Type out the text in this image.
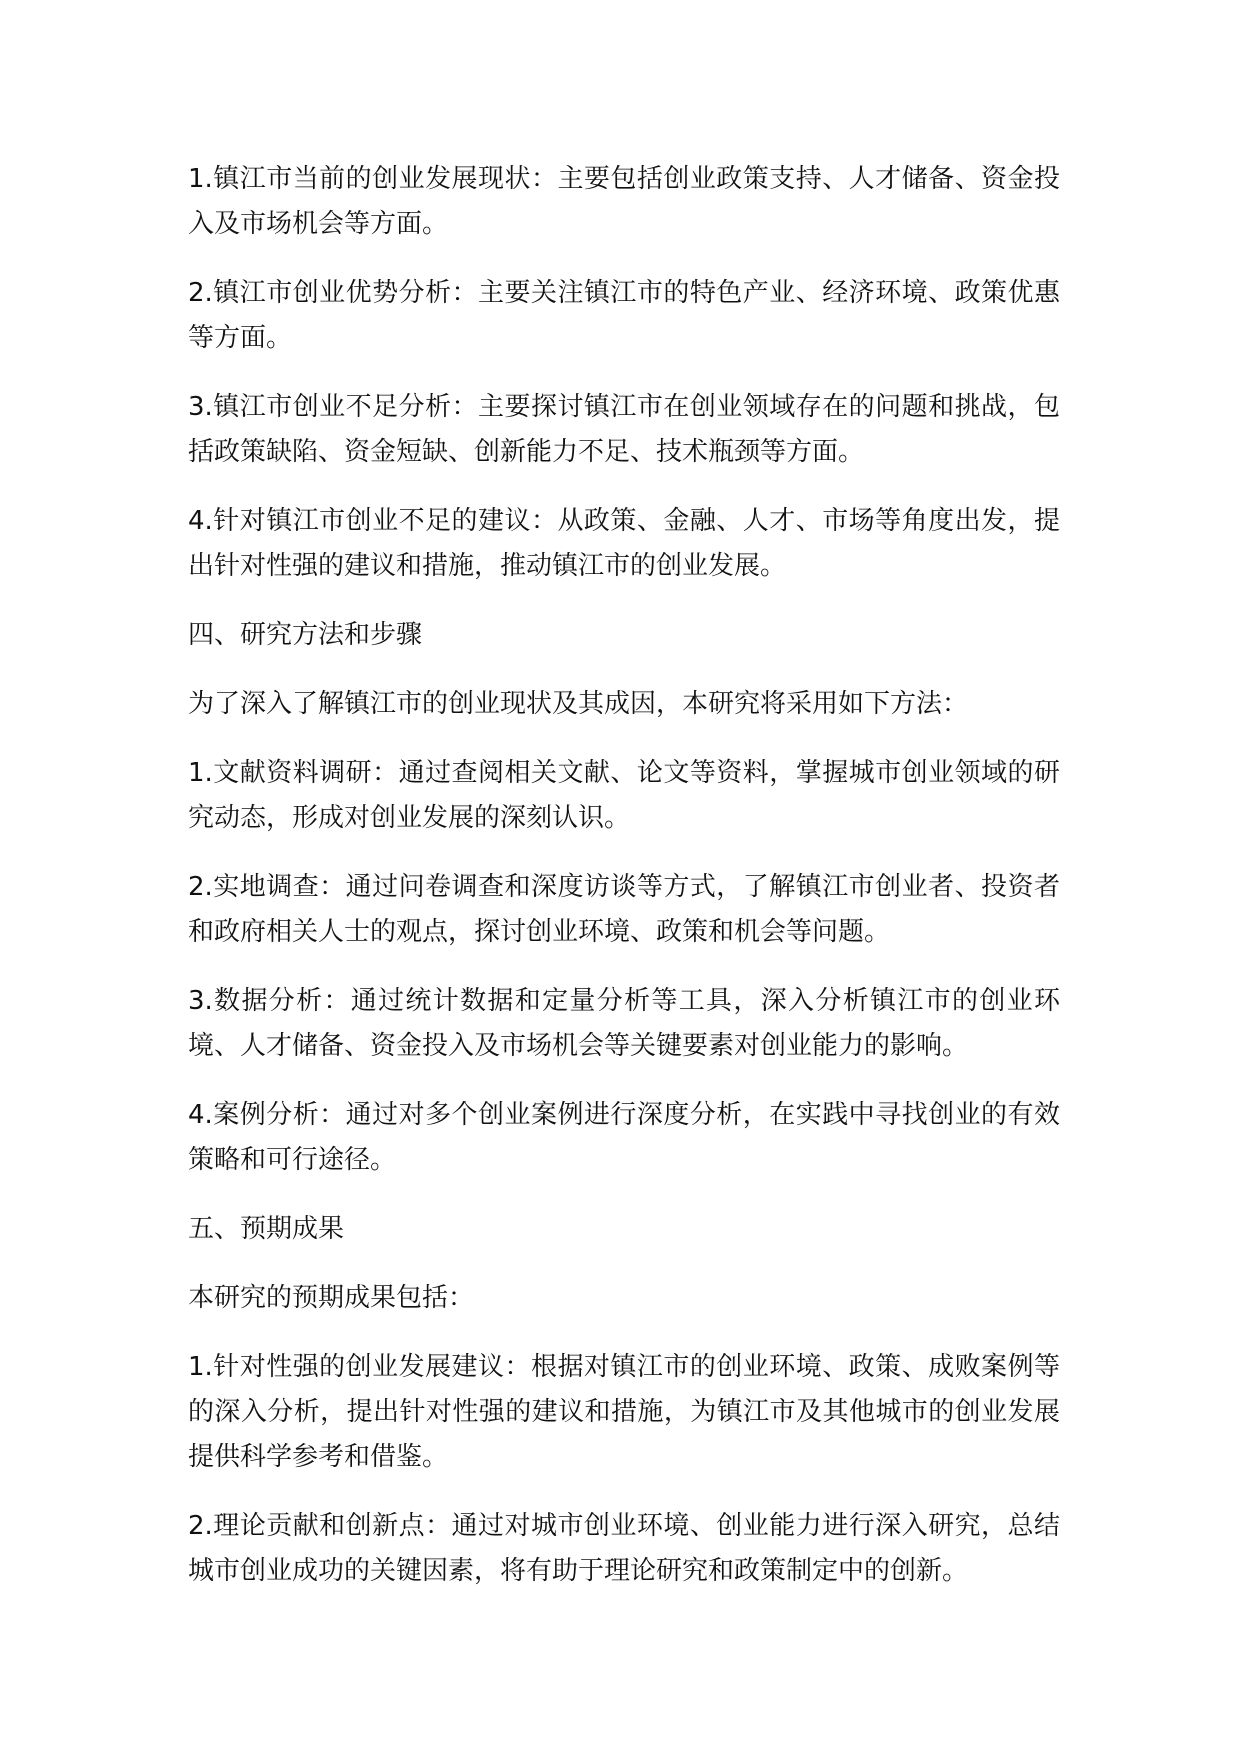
1.镇江市当前的创业发展现状：主要包括创业政策支持、人才储备、资金投入及市场机会等方面。

2.镇江市创业优势分析：主要关注镇江市的特色产业、经济环境、政策优惠等方面。

3.镇江市创业不足分析：主要探讨镇江市在创业领域存在的问题和挑战，包括政策缺陷、资金短缺、创新能力不足、技术瓶颈等方面。

4.针对镇江市创业不足的建议：从政策、金融、人才、市场等角度出发，提出针对性强的建议和措施，推动镇江市的创业发展。

四、研究方法和步骤

为了深入了解镇江市的创业现状及其成因，本研究将采用如下方法：

1.文献资料调研：通过查阅相关文献、论文等资料，掌握城市创业领域的研究动态，形成对创业发展的深刻认识。

2.实地调查：通过问卷调查和深度访谈等方式，了解镇江市创业者、投资者和政府相关人士的观点，探讨创业环境、政策和机会等问题。

3.数据分析：通过统计数据和定量分析等工具，深入分析镇江市的创业环境、人才储备、资金投入及市场机会等关键要素对创业能力的影响。

4.案例分析：通过对多个创业案例进行深度分析，在实践中寻找创业的有效策略和可行途径。

五、预期成果

本研究的预期成果包括：

1.针对性强的创业发展建议：根据对镇江市的创业环境、政策、成败案例等的深入分析，提出针对性强的建议和措施，为镇江市及其他城市的创业发展提供科学参考和借鉴。

2.理论贡献和创新点：通过对城市创业环境、创业能力进行深入研究，总结城市创业成功的关键因素，将有助于理论研究和政策制定中的创新。
